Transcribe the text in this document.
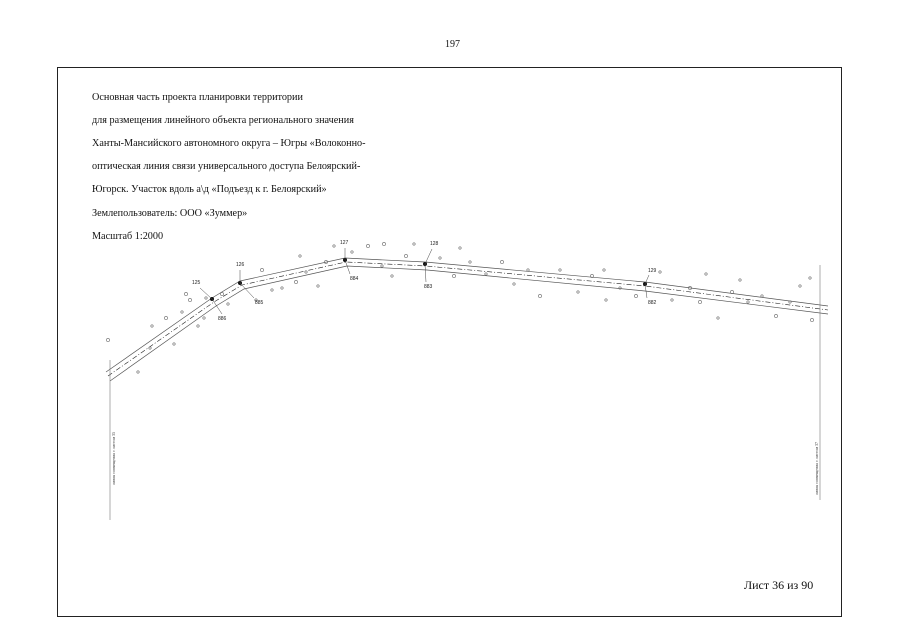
197

Основная часть проекта планировки территории

для размещения линейного объекта регионального значения

Ханты-Мансийского автономного округа – Югры «Волоконно-

оптическая линия связи универсального доступа Белоярский-

Югорск. Участок вдоль а\д «Подъезд к г. Белоярский»

Землепользователь: ООО «Зуммер»

Масштаб 1:2000

125
886
126
885
127
884
128
883
129
882
линия совмещения с листом 35	линия совмещения с листом 37
Лист 36 из 90
